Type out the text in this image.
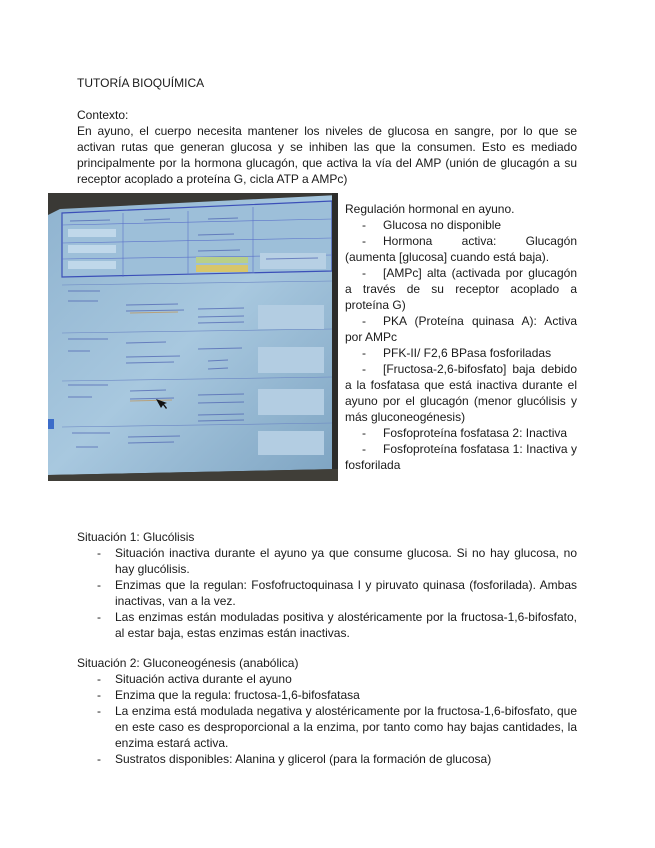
TUTORÍA BIOQUÍMICA
Contexto:
En ayuno, el cuerpo necesita mantener los niveles de glucosa en sangre, por lo que se activan rutas que generan glucosa y se inhiben las que la consumen. Esto es mediado principalmente por la hormona glucagón, que activa la vía del AMP (unión de glucagón a su receptor acoplado a proteína G, cicla ATP a AMPc)
Regulación hormonal en ayuno.
- Glucosa no disponible
- Hormona activa: Glucagón (aumenta [glucosa] cuando está baja).
- [AMPc] alta (activada por glucagón a través de su receptor acoplado a proteína G)
- PKA (Proteína quinasa A): Activa por AMPc
- PFK-II/ F2,6 BPasa fosforiladas
- [Fructosa-2,6-bifosfato] baja debido a la fosfatasa que está inactiva durante el ayuno por el glucagón (menor glucólisis y más gluconeogénesis)
- Fosfoproteína fosfatasa 2: Inactiva
- Fosfoproteína fosfatasa 1: Inactiva y fosforilada
Situación 1: Glucólisis
- Situación inactiva durante el ayuno ya que consume glucosa. Si no hay glucosa, no hay glucólisis.
- Enzimas que la regulan: Fosfofructoquinasa I y piruvato quinasa (fosforilada). Ambas inactivas, van a la vez.
- Las enzimas están moduladas positiva y alostéricamente por la fructosa-1,6-bifosfato, al estar baja, estas enzimas están inactivas.
Situación 2: Gluconeogénesis (anabólica)
- Situación activa durante el ayuno
- Enzima que la regula: fructosa-1,6-bifosfatasa
- La enzima está modulada negativa y alostéricamente por la fructosa-1,6-bifosfato, que en este caso es desproporcional a la enzima, por tanto como hay bajas cantidades, la enzima estará activa.
- Sustratos disponibles: Alanina y glicerol (para la formación de glucosa)
